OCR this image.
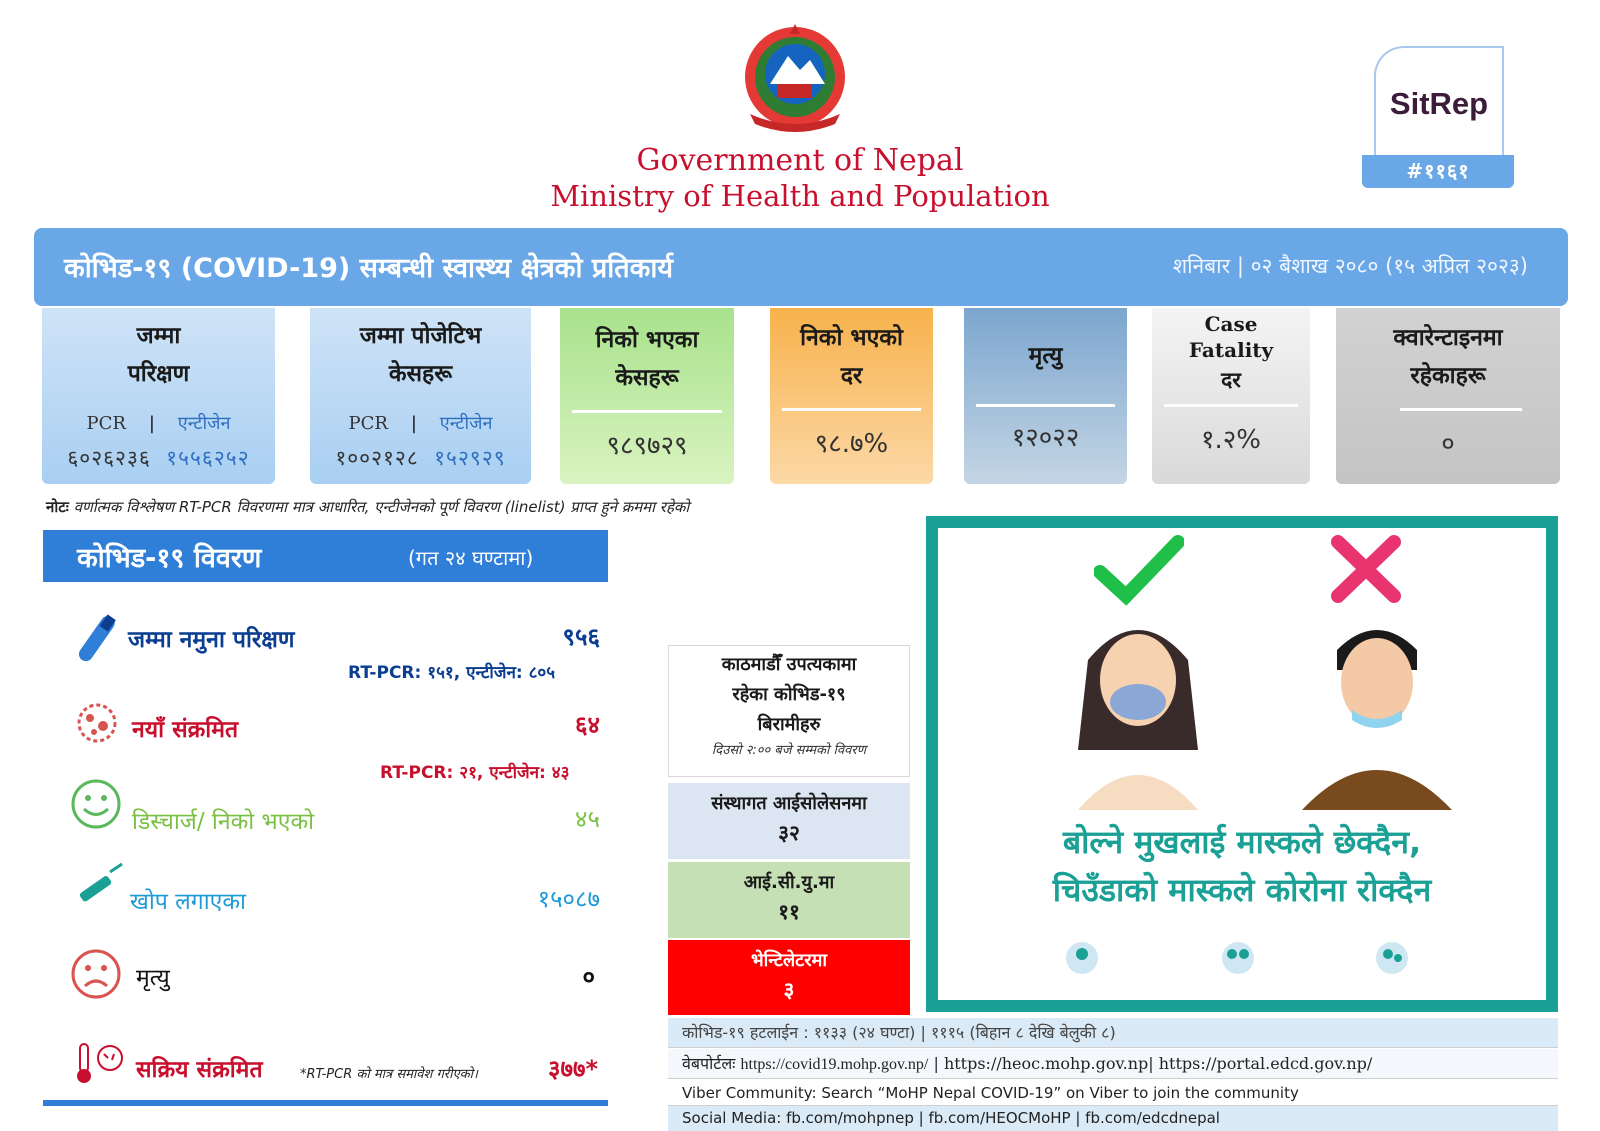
Government of Nepal
Ministry of Health and Population
SitRep
#११६१
कोभिड-१९ (COVID-19) सम्बन्धी स्वास्थ्य क्षेत्रको प्रतिकार्य	शनिबार | ०२ बैशाख २०८० (१५ अप्रिल २०२३)
जम्मा
परिक्षण
PCR | एन्टीजेन
६०२६२३६ १५५६२५२
जम्मा पोजेटिभ
केसहरू
PCR | एन्टीजेन
१००२१२८ १५२९२९
निको भएका
केसहरू
९८९७२९
निको भएको
दर
९८.७%
मृत्यु
१२०२२
Case
Fatality
दर
१.२%
क्वारेन्टाइनमा
रहेकाहरू
०
नोटः वर्णात्मक विश्लेषण RT-PCR विवरणमा मात्र आधारित, एन्टीजेनको पूर्ण विवरण (linelist) प्राप्त हुने क्रममा रहेको
कोभिड-१९ विवरण	(गत २४ घण्टामा)
जम्मा नमुना परिक्षण	९५६
RT-PCR: १५१, एन्टीजेन: ८०५
नयाँ संक्रमित	६४
RT-PCR: २१, एन्टीजेन: ४३
डिस्चार्ज/ निको भएको	४५
खोप लगाएका	१५०८७
मृत्यु	०
सक्रिय संक्रमित	*RT-PCR को मात्र समावेश गरीएको।	३७७*
काठमाडौँ उपत्यकामा
रहेका कोभिड-१९
बिरामीहरु
दिउसो २:०० बजे सम्मको विवरण
संस्थागत आईसोलेसनमा
३२
आई.सी.यु.मा
११
भेन्टिलेटरमा
३
बोल्ने मुखलाई मास्कले छेक्दैन,
चिउँडाको मास्कले कोरोना रोक्दैन
कोभिड-१९ हटलाईन : ११३३ (२४ घण्टा) | १११५ (बिहान ८ देखि बेलुकी ८)
वेबपोर्टलः https://covid19.mohp.gov.np/ | https://heoc.mohp.gov.np| https://portal.edcd.gov.np/
Viber Community: Search “MoHP Nepal COVID-19” on Viber to join the community
Social Media: fb.com/mohpnep | fb.com/HEOCMoHP | fb.com/edcdnepal
